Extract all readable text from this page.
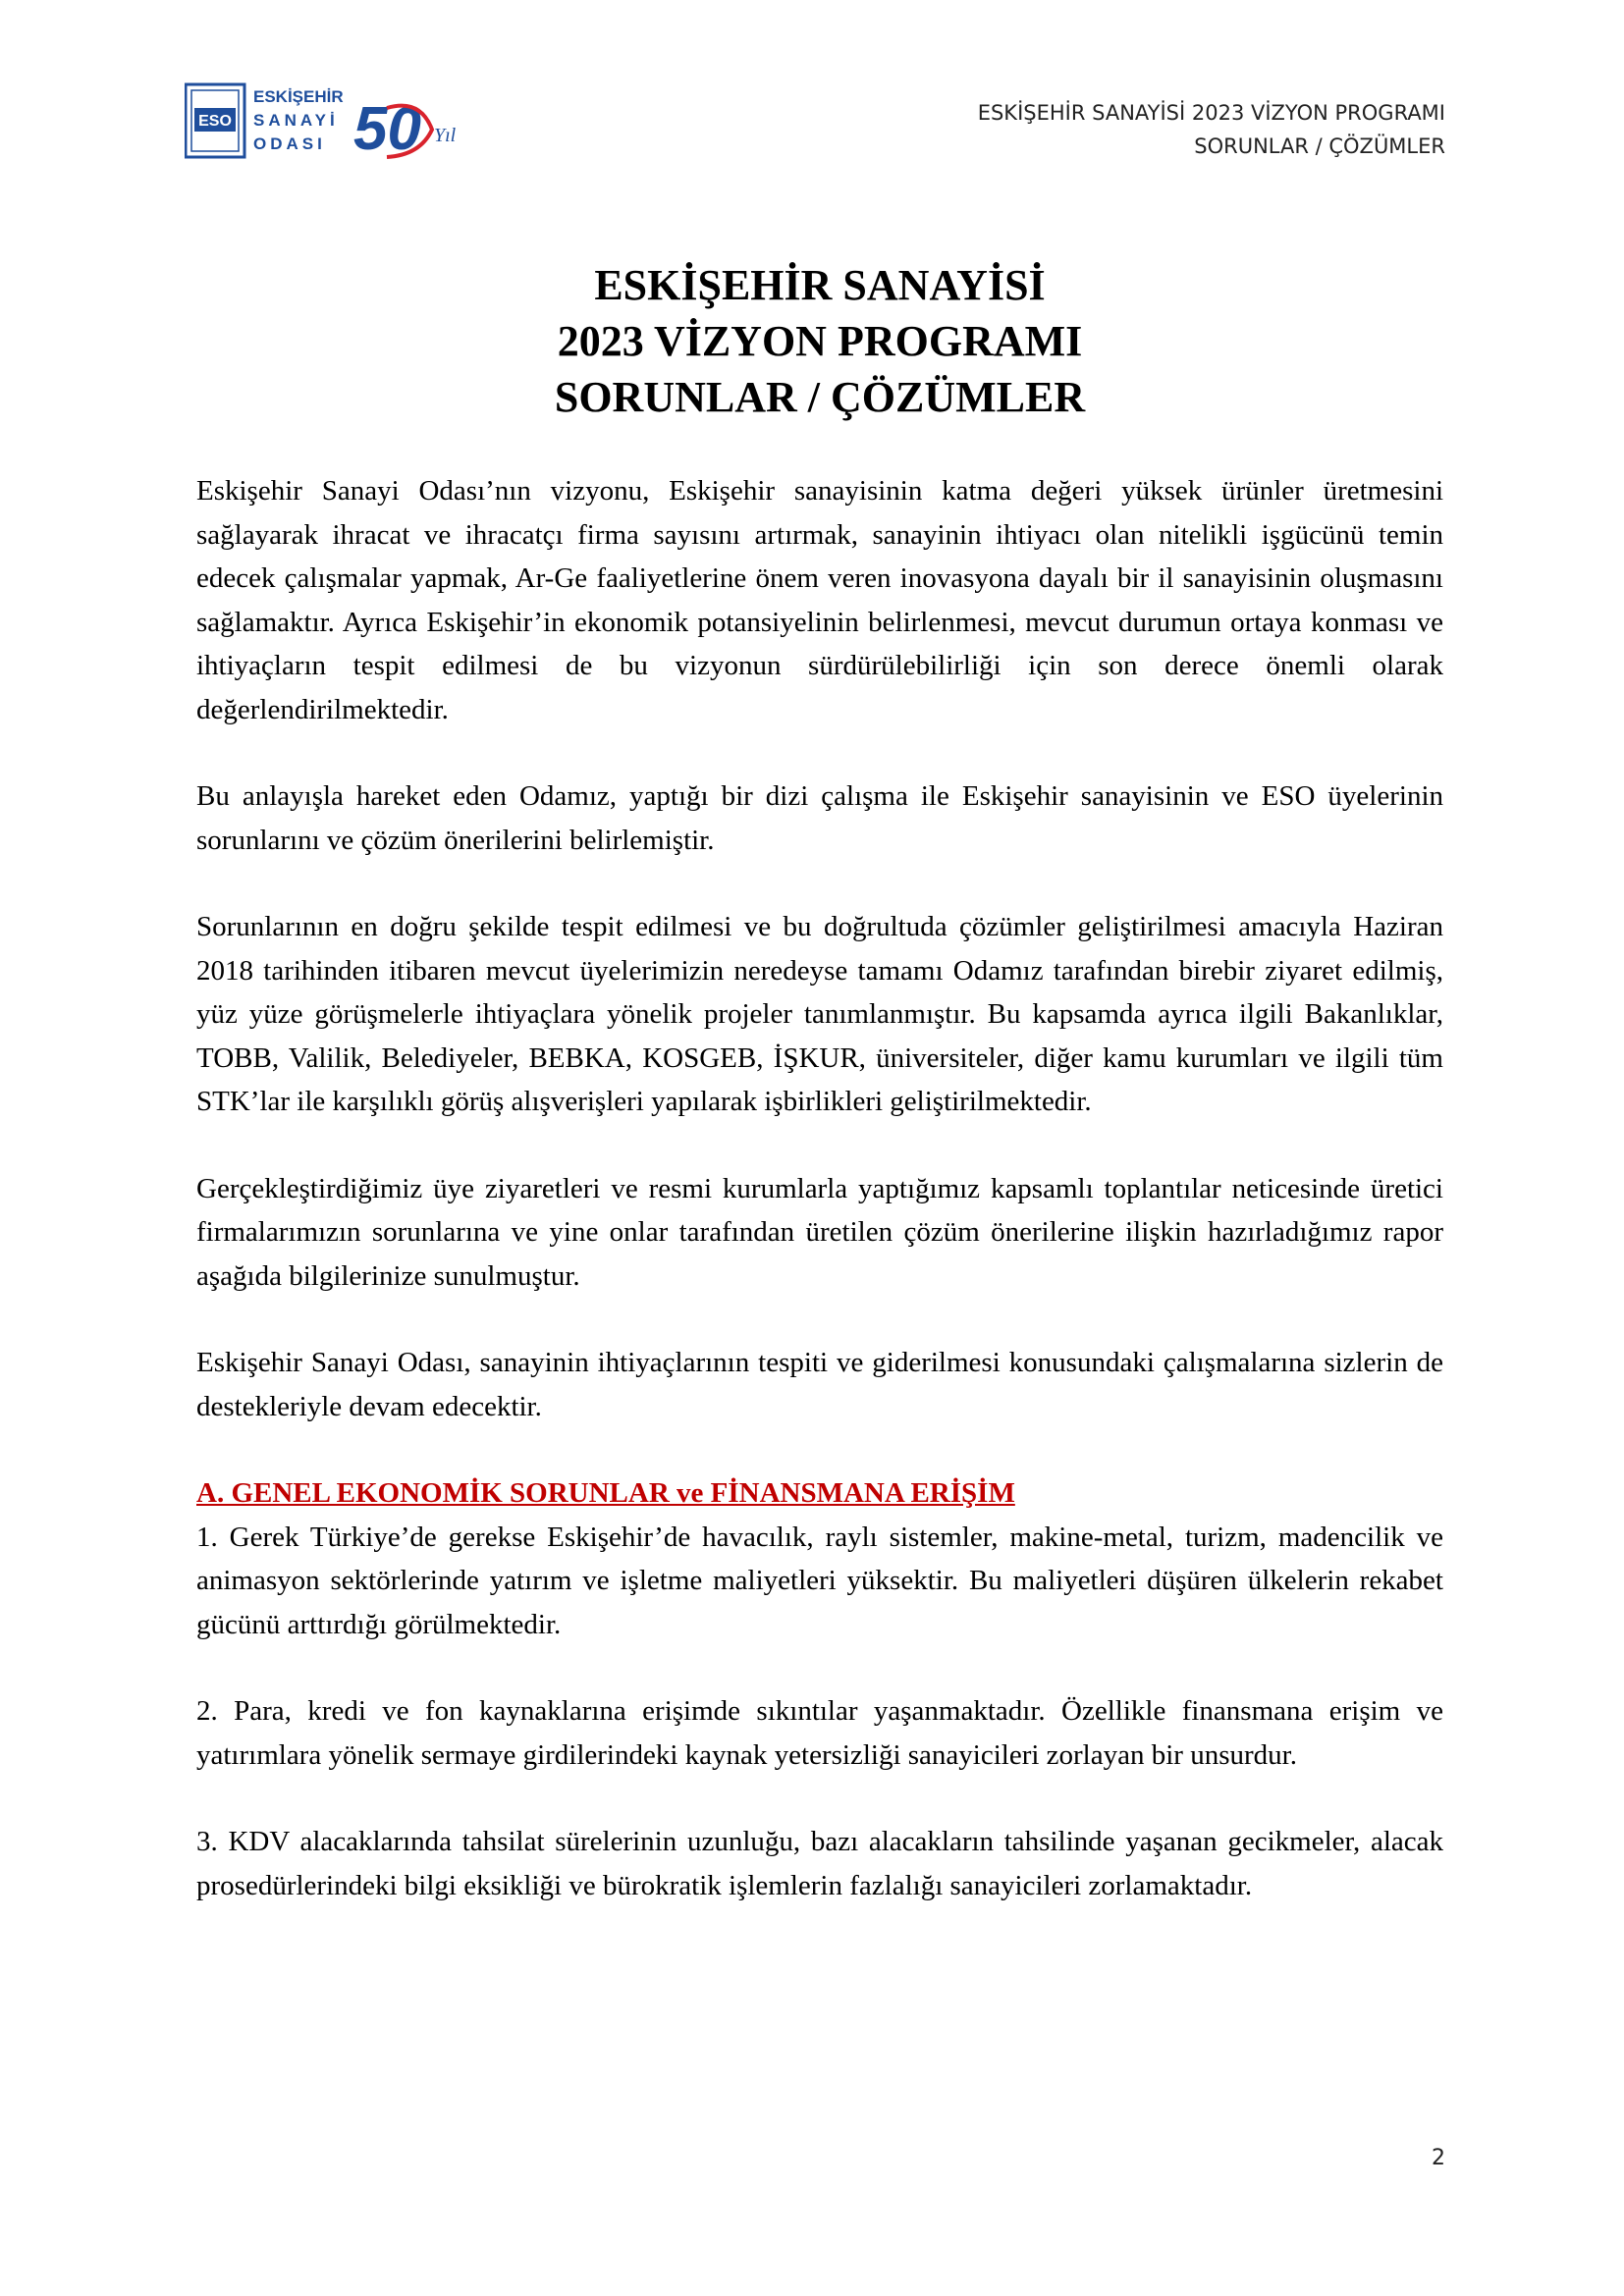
ESO
ESKİŞEHİR
SANAYİ
ODASI 50 Yıl
ESKİŞEHİR SANAYİSİ 2023 VİZYON PROGRAMI
SORUNLAR / ÇÖZÜMLER
ESKİŞEHİR SANAYİSİ
2023 VİZYON PROGRAMI
SORUNLAR / ÇÖZÜMLER

Eskişehir Sanayi Odası’nın vizyonu, Eskişehir sanayisinin katma değeri yüksek ürünler üretmesini sağlayarak ihracat ve ihracatçı firma sayısını artırmak, sanayinin ihtiyacı olan nitelikli işgücünü temin edecek çalışmalar yapmak, Ar-Ge faaliyetlerine önem veren inovasyona dayalı bir il sanayisinin oluşmasını sağlamaktır. Ayrıca Eskişehir’in ekonomik potansiyelinin belirlenmesi, mevcut durumun ortaya konması ve ihtiyaçların tespit edilmesi de bu vizyonun sürdürülebilirliği için son derece önemli olarak değerlendirilmektedir.

Bu anlayışla hareket eden Odamız, yaptığı bir dizi çalışma ile Eskişehir sanayisinin ve ESO üyelerinin sorunlarını ve çözüm önerilerini belirlemiştir.

Sorunlarının en doğru şekilde tespit edilmesi ve bu doğrultuda çözümler geliştirilmesi amacıyla Haziran 2018 tarihinden itibaren mevcut üyelerimizin neredeyse tamamı Odamız tarafından birebir ziyaret edilmiş, yüz yüze görüşmelerle ihtiyaçlara yönelik projeler tanımlanmıştır. Bu kapsamda ayrıca ilgili Bakanlıklar, TOBB, Valilik, Belediyeler, BEBKA, KOSGEB, İŞKUR, üniversiteler, diğer kamu kurumları ve ilgili tüm STK’lar ile karşılıklı görüş alışverişleri yapılarak işbirlikleri geliştirilmektedir.

Gerçekleştirdiğimiz üye ziyaretleri ve resmi kurumlarla yaptığımız kapsamlı toplantılar neticesinde üretici firmalarımızın sorunlarına ve yine onlar tarafından üretilen çözüm önerilerine ilişkin hazırladığımız rapor aşağıda bilgilerinize sunulmuştur.

Eskişehir Sanayi Odası, sanayinin ihtiyaçlarının tespiti ve giderilmesi konusundaki çalışmalarına sizlerin de destekleriyle devam edecektir.

A. GENEL EKONOMİK SORUNLAR ve FİNANSMANA ERİŞİM

1. Gerek Türkiye’de gerekse Eskişehir’de havacılık, raylı sistemler, makine-metal, turizm, madencilik ve animasyon sektörlerinde yatırım ve işletme maliyetleri yüksektir. Bu maliyetleri düşüren ülkelerin rekabet gücünü arttırdığı görülmektedir.

2. Para, kredi ve fon kaynaklarına erişimde sıkıntılar yaşanmaktadır. Özellikle finansmana erişim ve yatırımlara yönelik sermaye girdilerindeki kaynak yetersizliği sanayicileri zorlayan bir unsurdur.

3. KDV alacaklarında tahsilat sürelerinin uzunluğu, bazı alacakların tahsilinde yaşanan gecikmeler, alacak prosedürlerindeki bilgi eksikliği ve bürokratik işlemlerin fazlalığı sanayicileri zorlamaktadır.

2
